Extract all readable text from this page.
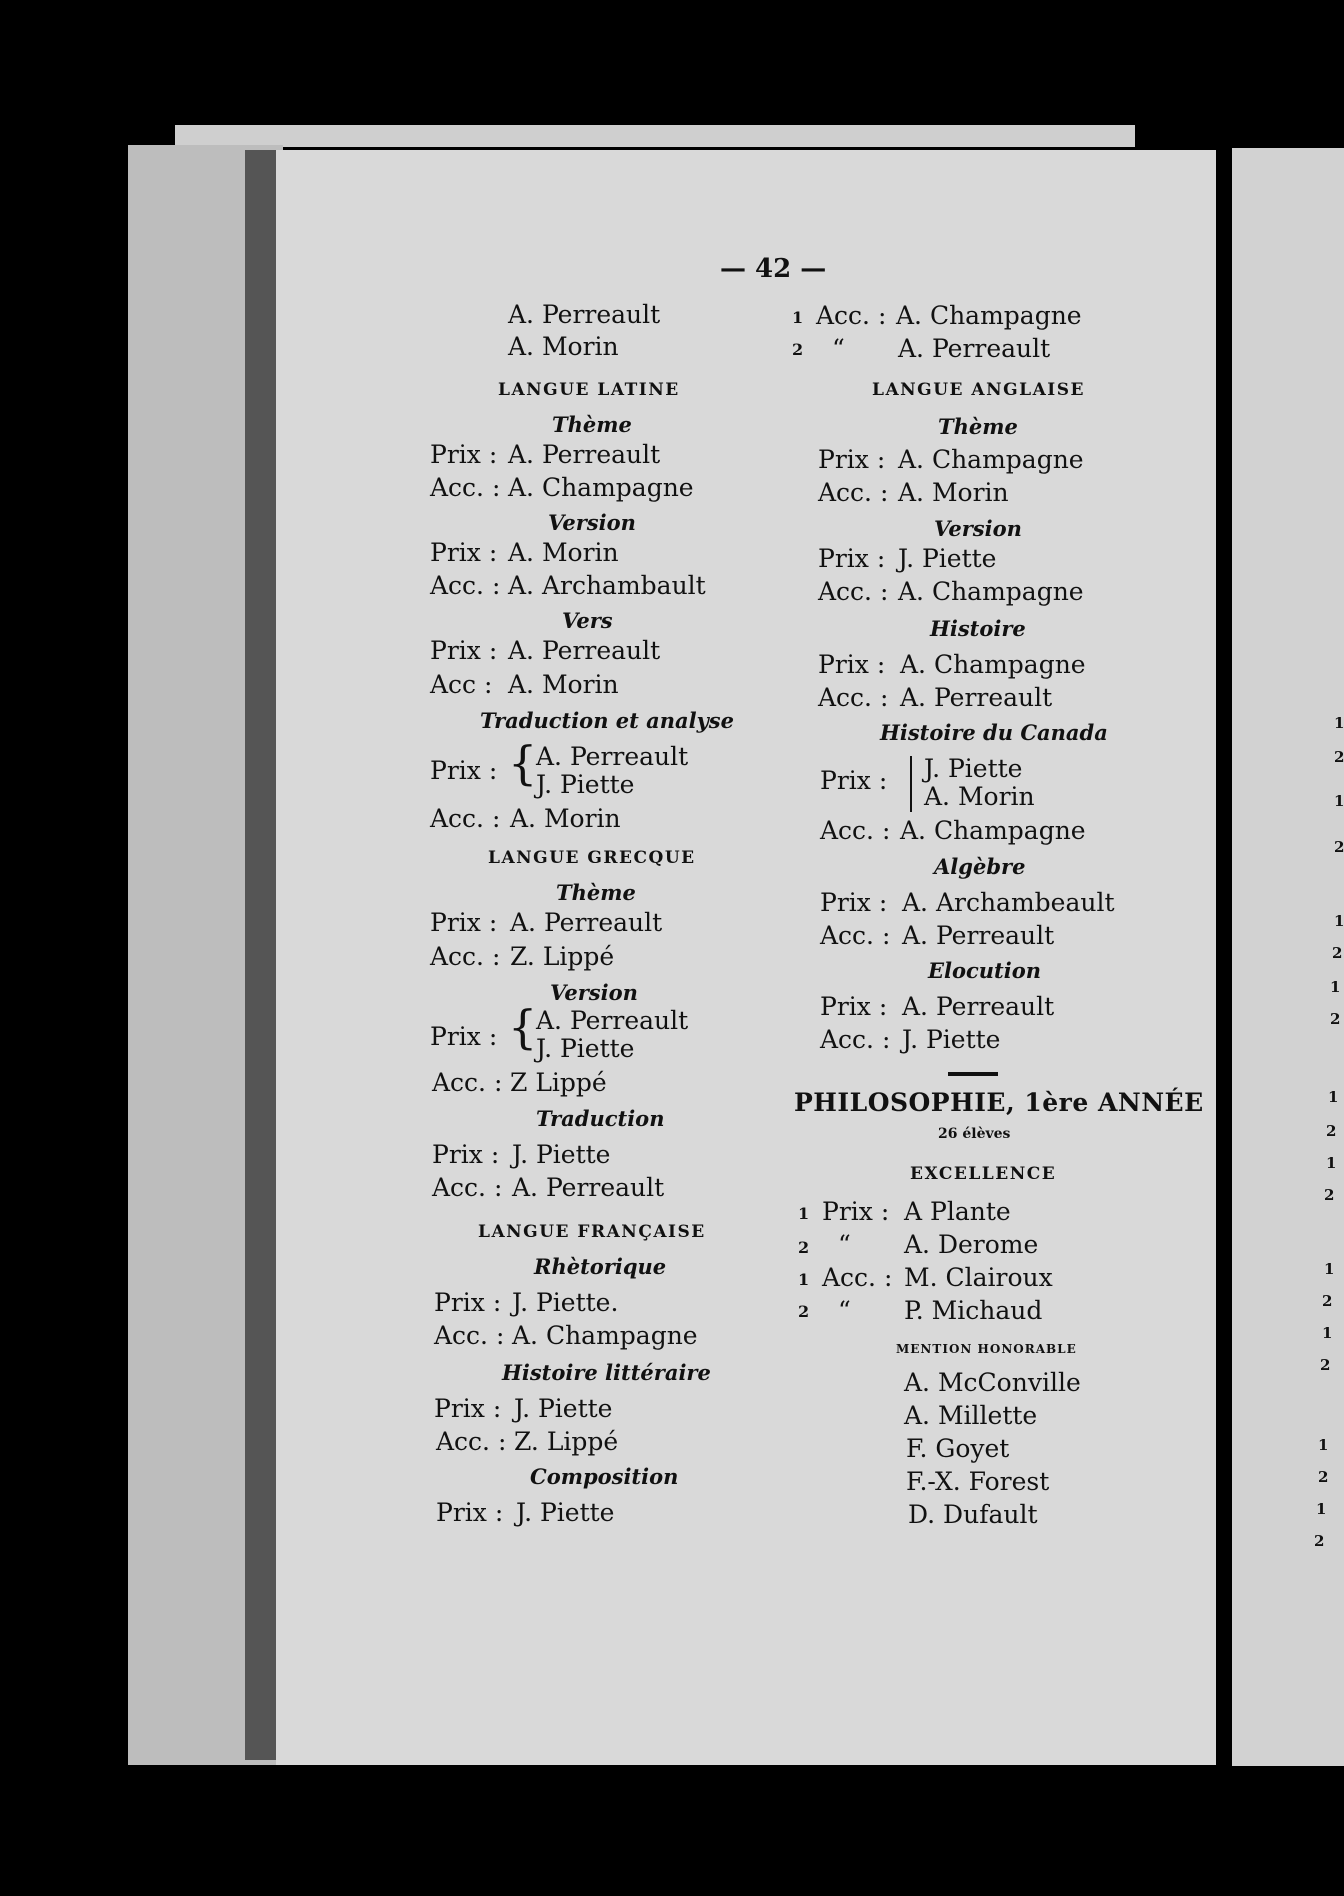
— 42 —
A. Perreault
A. Morin
LANGUE LATINE
Thème
Prix : A. Perreault
Acc. : A. Champagne
Version
Prix : A. Morin
Acc. : A. Archambault
Vers
Prix : A. Perreault
Acc : A. Morin
Traduction et analyse
Prix : {
A. Perreault
J. Piette
Acc. : A. Morin
LANGUE GRECQUE
Thème
Prix : A. Perreault
Acc. : Z. Lippé
Version
Prix : {
A. Perreault
J. Piette
Acc. : Z Lippé
Traduction
Prix : J. Piette
Acc. : A. Perreault
LANGUE FRANÇAISE
Rhètorique
Prix : J. Piette.
Acc. : A. Champagne
Histoire littéraire
Prix : J. Piette
Acc. : Z. Lippé
Composition
Prix : J. Piette
1 Acc. : A. Champagne
2 “ A. Perreault
LANGUE ANGLAISE
Thème
Prix : A. Champagne
Acc. : A. Morin
Version
Prix : J. Piette
Acc. : A. Champagne
Histoire
Prix : A. Champagne
Acc. : A. Perreault
Histoire du Canada
Prix : J. Piette
A. Morin
Acc. : A. Champagne
Algèbre
Prix : A. Archambeault
Acc. : A. Perreault
Elocution
Prix : A. Perreault
Acc. : J. Piette
PHILOSOPHIE, 1ère ANNÉE
26 élèves
EXCELLENCE
1 Prix : A Plante
2 “ A. Derome
1 Acc. : M. Clairoux
2 “ P. Michaud
MENTION HONORABLE
A. McConville
A. Millette
F. Goyet
F.-X. Forest
D. Dufault
1
2
1
2
1
2
1
2
1
2
1
2
1
2
1
2
1
2
1
2
